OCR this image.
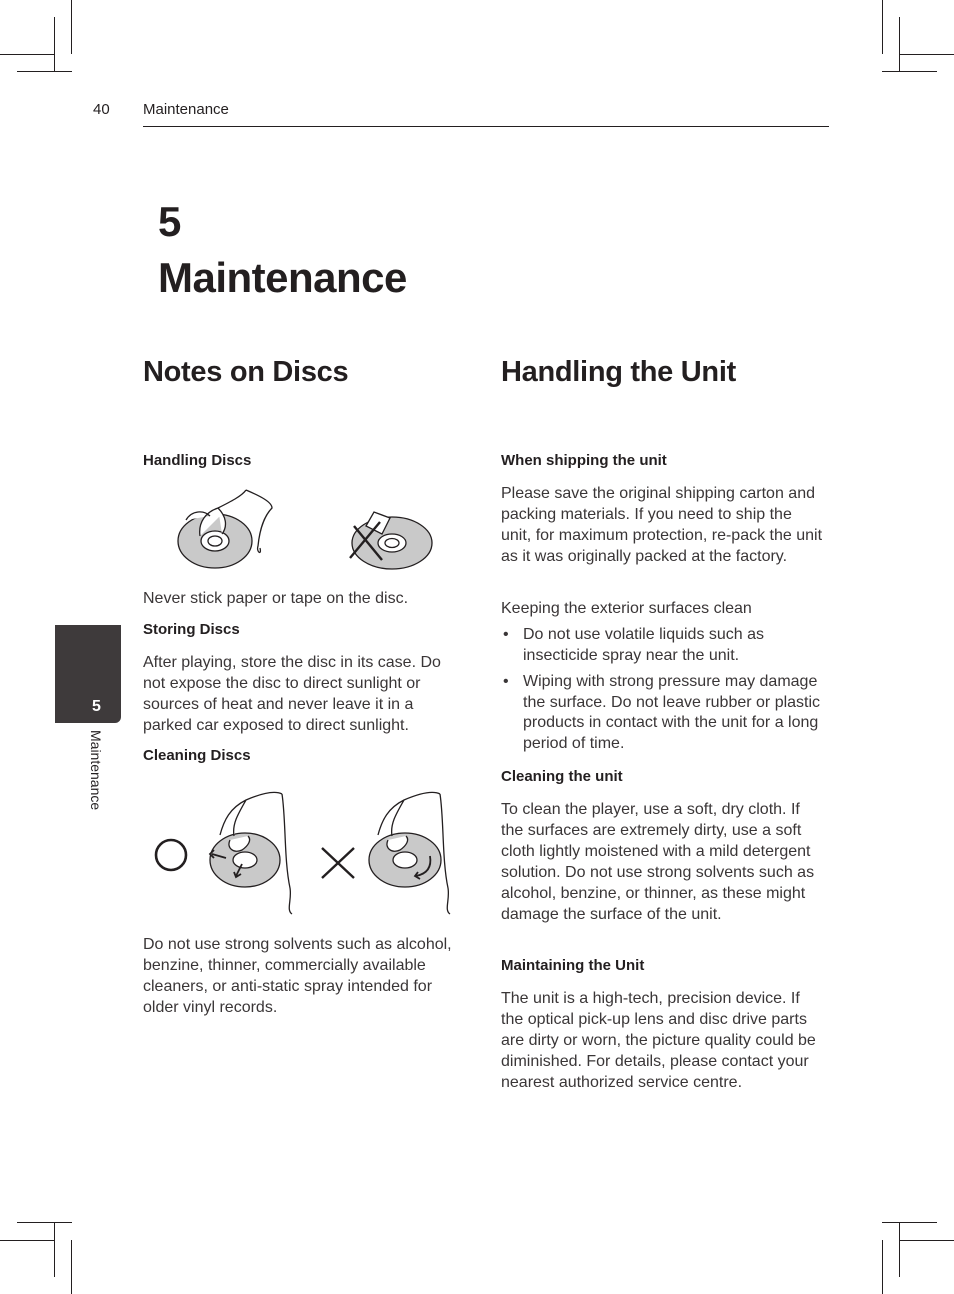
40 Maintenance
5
Maintenance
5
Maintenance
Notes on Discs
Handling Discs

Never stick paper or tape on the disc.

Storing Discs

After playing, store the disc in its case. Do not expose the disc to direct sunlight or sources of heat and never leave it in a parked car exposed to direct sunlight.

Cleaning Discs

Do not use strong solvents such as alcohol, benzine, thinner, commercially available cleaners, or anti-static spray intended for older vinyl records.

Handling the Unit
When shipping the unit

Please save the original shipping carton and packing materials. If you need to ship the unit, for maximum protection, re-pack the unit as it was originally packed at the factory.

Keeping the exterior surfaces clean

• Do not use volatile liquids such as insecticide spray near the unit.
• Wiping with strong pressure may damage the surface. Do not leave rubber or plastic products in contact with the unit for a long period of time.
Cleaning the unit

To clean the player, use a soft, dry cloth. If the surfaces are extremely dirty, use a soft cloth lightly moistened with a mild detergent solution. Do not use strong solvents such as alcohol, benzine, or thinner, as these might damage the surface of the unit.

Maintaining the Unit

The unit is a high-tech, precision device. If the optical pick-up lens and disc drive parts are dirty or worn, the picture quality could be diminished. For details, please contact your nearest authorized service centre.
